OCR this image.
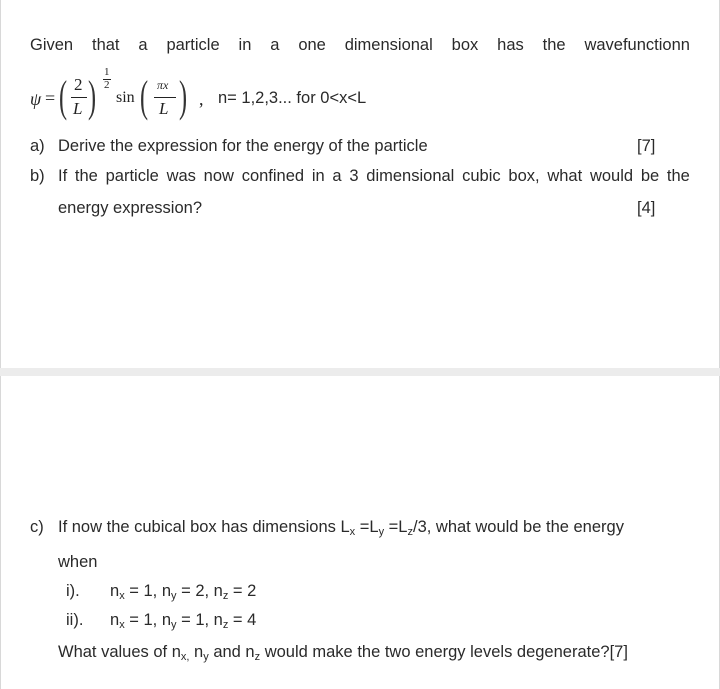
Given that a particle in a one dimensional box has the wavefunctionn
ψ = ( 2
L ) 1
2
sin ( πx
L ) , n= 1,2,3... for 0<x<L
a) Derive the expression for the energy of the particle	[7]
b) If the particle was now confined in a 3 dimensional cubic box, what would be the
energy expression?	[4]
c) If now the cubical box has dimensions $L_x =L_y =L_z/3$, what would be the energy
when
i). $n_x = 1$, $n_y = 2$, $n_z = 2$
ii). $n_x = 1$, $n_y = 1$, $n_z = 4$
What values of $n_{x,}$ $n_y$ and $n_z$ would make the two energy levels degenerate?[7]
